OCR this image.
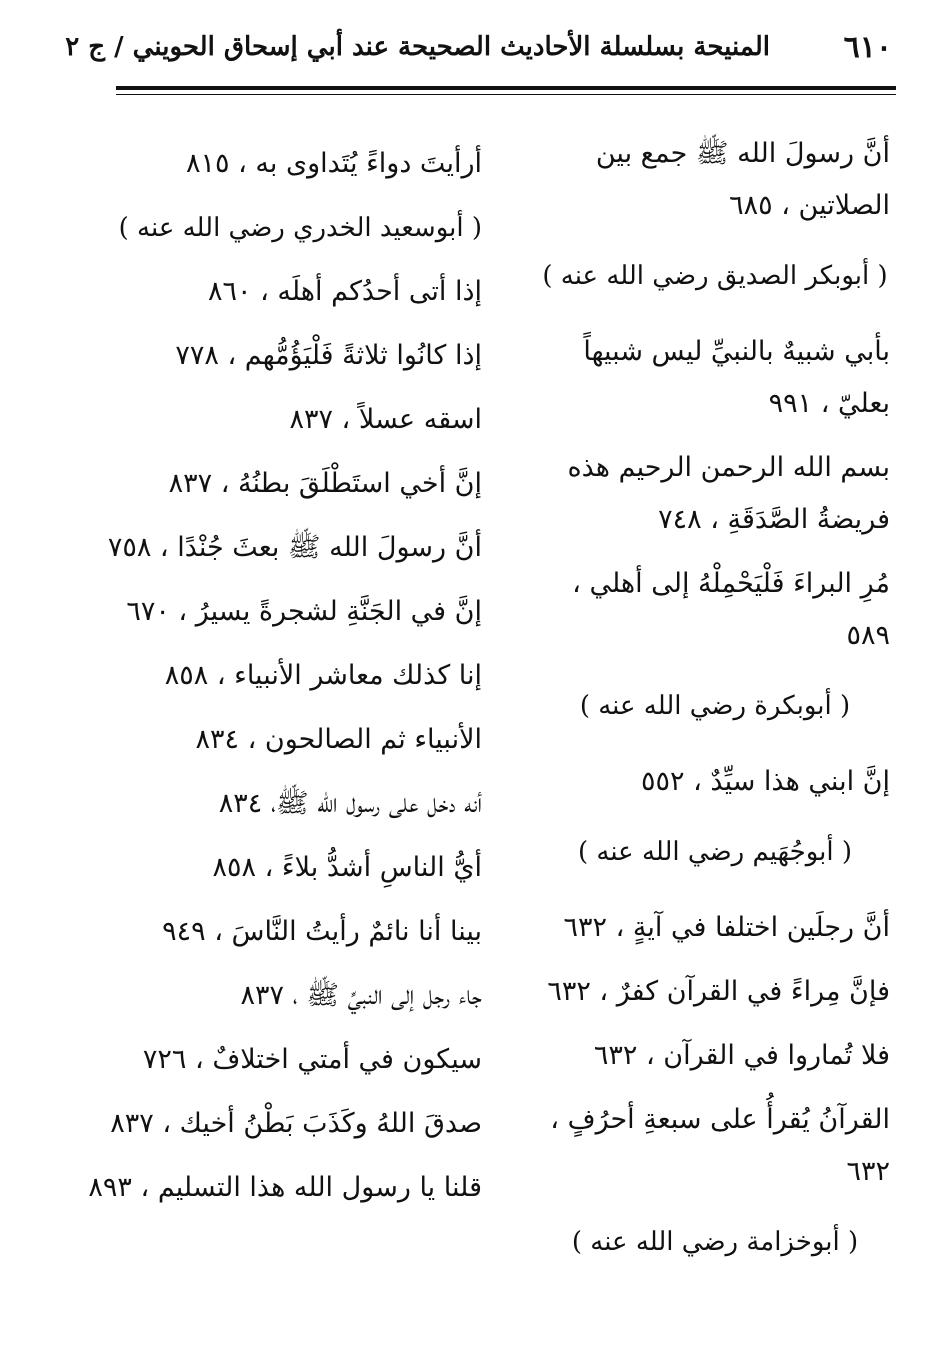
٦١٠
المنيحة بسلسلة الأحاديث الصحيحة عند أبي إسحاق الحويني / ج ٢
أنَّ رسولَ الله ﷺ جمع بين الصلاتين ، ٦٨٥
( أبوبكر الصديق رضي الله عنه )
بأبي شبيهٌ بالنبيِّ ليس شبيهاً بعليّ ، ٩٩١
بسم الله الرحمن الرحيم هذه فريضةُ الصَّدَقَةِ ، ٧٤٨
مُرِ البراءَ فَلْيَحْمِلْهُ إلى أهلي ، ٥٨٩
( أبوبكرة رضي الله عنه )
إنَّ ابني هذا سيِّدٌ ، ٥٥٢
( أبوجُهَيم رضي الله عنه )
أنَّ رجلَين اختلفا في آيةٍ ، ٦٣٢
فإنَّ مِراءً في القرآن كفرٌ ، ٦٣٢
فلا تُماروا في القرآن ، ٦٣٢
القرآنُ يُقرأُ على سبعةِ أحرُفٍ ، ٦٣٢
( أبوخزامة رضي الله عنه )
أرأيتَ دواءً يُتَداوى به ، ٨١٥
( أبوسعيد الخدري رضي الله عنه )
إذا أتى أحدُكم أهلَه ، ٨٦٠
إذا كانُوا ثلاثةً فَلْيَؤُمُّهم ، ٧٧٨
اسقه عسلاً ، ٨٣٧
إنَّ أخي استَطْلَقَ بطنُهُ ، ٨٣٧
أنَّ رسولَ الله ﷺ بعثَ جُنْدًا ، ٧٥٨
إنَّ في الجَنَّةِ لشجرةً يسيرُ ، ٦٧٠
إنا كذلك معاشر الأنبياء ، ٨٥٨
الأنبياء ثم الصالحون ، ٨٣٤
أنه دخل على رسول الله ﷺ، ٨٣٤
أيُّ الناسِ أشدُّ بلاءً ، ٨٥٨
بينا أنا نائمٌ رأيتُ النَّاسَ ، ٩٤٩
جاء رجل إلى النبيِّ ﷺ ، ٨٣٧
سيكون في أمتي اختلافٌ ، ٧٢٦
صدقَ اللهُ وكَذَبَ بَطْنُ أخيك ، ٨٣٧
قلنا يا رسول الله هذا التسليم ، ٨٩٣
